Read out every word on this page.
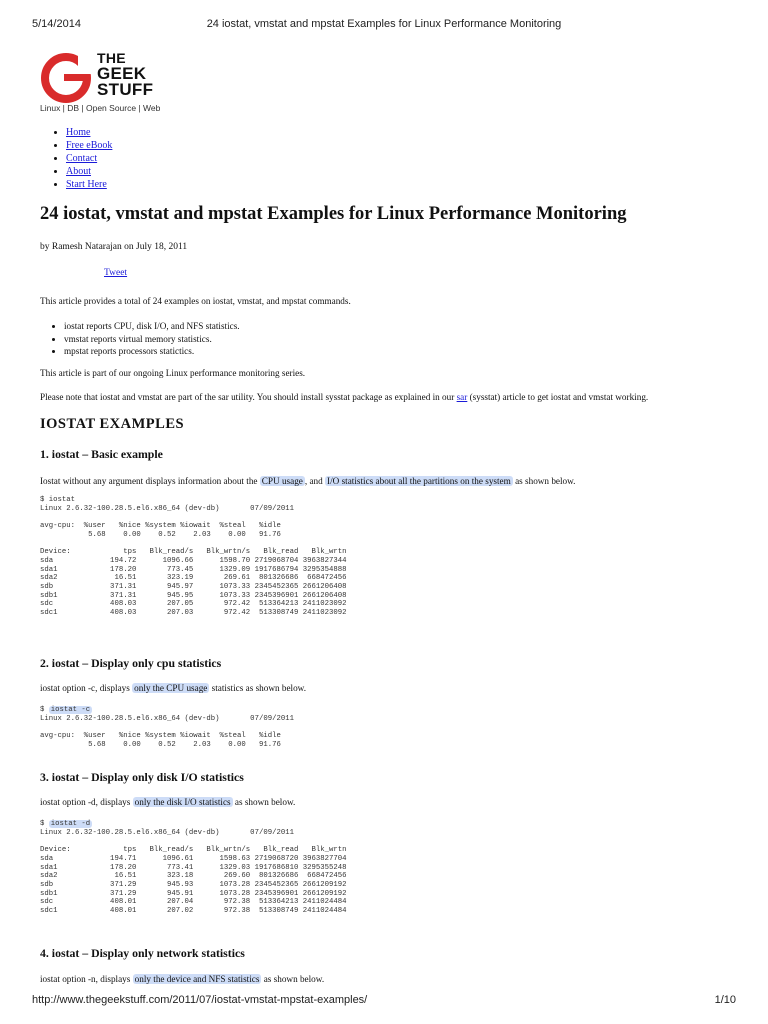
5/14/2014	24 iostat, vmstat and mpstat Examples for Linux Performance Monitoring
THE
GEEK
STUFF
Linux | DB | Open Source | Web
• Home
• Free eBook
• Contact
• About
• Start Here
24 iostat, vmstat and mpstat Examples for Linux Performance Monitoring
by Ramesh Natarajan on July 18, 2011
Tweet
This article provides a total of 24 examples on iostat, vmstat, and mpstat commands.
• iostat reports CPU, disk I/O, and NFS statistics.
• vmstat reports virtual memory statistics.
• mpstat reports processors statictics.
This article is part of our ongoing Linux performance monitoring series.
Please note that iostat and vmstat are part of the sar utility. You should install sysstat package as explained in our sar (sysstat) article to get iostat and vmstat working.
IOSTAT EXAMPLES
1. iostat – Basic example
Iostat without any argument displays information about the CPU usage , and I/O statistics about all the partitions on the system as shown below.
$ iostat
Linux 2.6.32-100.28.5.el6.x86_64 (dev-db)       07/09/2011

avg-cpu:  %user   %nice %system %iowait  %steal   %idle
5.68    0.00    0.52    2.03    0.00   91.76

Device:            tps   Blk_read/s   Blk_wrtn/s   Blk_read   Blk_wrtn
sda             194.72      1096.66      1598.70 2719068704 3963827344
sda1            178.20       773.45      1329.09 1917686794 3295354888
sda2             16.51       323.19       269.61  801326686  668472456
sdb             371.31       945.97      1073.33 2345452365 2661206408
sdb1            371.31       945.95      1073.33 2345396901 2661206408
sdc             408.03       207.05       972.42  513364213 2411023092
sdc1            408.03       207.03       972.42  513308749 2411023092
2. iostat – Display only cpu statistics
iostat option -c, displays only the CPU usage statistics as shown below.
$ iostat -c
Linux 2.6.32-100.28.5.el6.x86_64 (dev-db)       07/09/2011

avg-cpu:  %user   %nice %system %iowait  %steal   %idle
5.68    0.00    0.52    2.03    0.00   91.76
3. iostat – Display only disk I/O statistics
iostat option -d, displays only the disk I/O statistics as shown below.
$ iostat -d
Linux 2.6.32-100.28.5.el6.x86_64 (dev-db)       07/09/2011

Device:            tps   Blk_read/s   Blk_wrtn/s   Blk_read   Blk_wrtn
sda             194.71      1096.61      1598.63 2719068720 3963827704
sda1            178.20       773.41      1329.03 1917686810 3295355248
sda2             16.51       323.18       269.60  801326686  668472456
sdb             371.29       945.93      1073.28 2345452365 2661209192
sdb1            371.29       945.91      1073.28 2345396901 2661209192
sdc             408.01       207.04       972.38  513364213 2411024484
sdc1            408.01       207.02       972.38  513308749 2411024484
4. iostat – Display only network statistics
iostat option -n, displays only the device and NFS statistics as shown below.
http://www.thegeekstuff.com/2011/07/iostat-vmstat-mpstat-examples/	1/10
